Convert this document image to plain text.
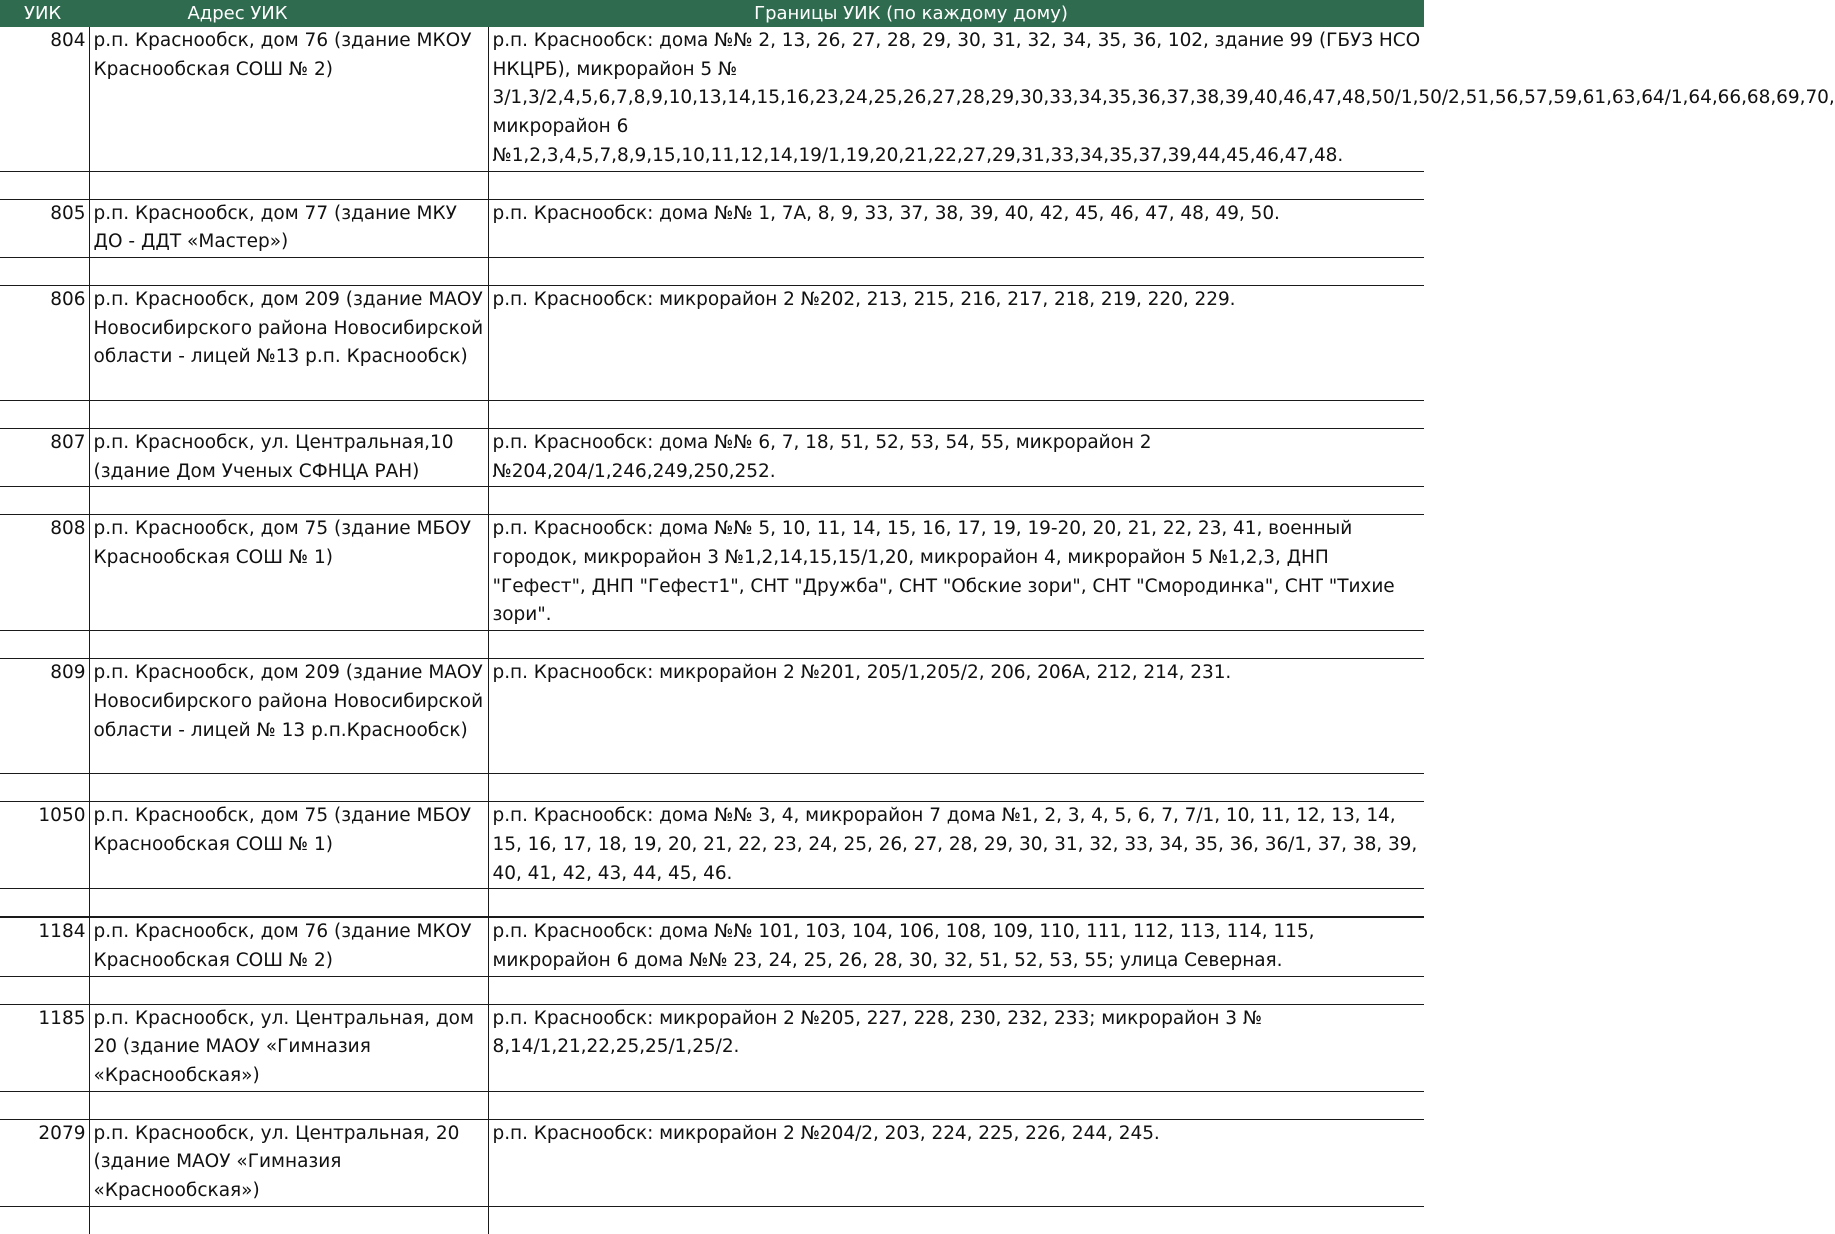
УИК	Адрес УИК	Границы УИК (по каждому дому)
804	р.п. Краснообск, дом 76 (здание МКОУ Краснообская СОШ № 2)	р.п. Краснообск: дома №№ 2, 13, 26, 27, 28, 29, 30, 31, 32, 34, 35, 36, 102, здание 99 (ГБУЗ НСО НКЦРБ), микрорайон 5 № 3/1,3/2,4,5,6,7,8,9,10,13,14,15,16,23,24,25,26,27,28,29,30,33,34,35,36,37,38,39,40,46,47,48,50/1,50/2,51,56,57,59,61,63,64/1,64,66,68,69,70, микрорайон 6 №1,2,3,4,5,7,8,9,15,10,11,12,14,19/1,19,20,21,22,27,29,31,33,34,35,37,39,44,45,46,47,48.

805	р.п. Краснообск, дом 77 (здание МКУ ДО - ДДТ «Мастер»)	р.п. Краснообск: дома №№ 1, 7А, 8, 9, 33, 37, 38, 39, 40, 42, 45, 46, 47, 48, 49, 50.

806	р.п. Краснообск, дом 209 (здание МАОУ Новосибирского района Новосибирской области - лицей №13 р.п. Краснообск)	р.п. Краснообск: микрорайон 2 №202, 213, 215, 216, 217, 218, 219, 220, 229.

807	р.п. Краснообск, ул. Центральная,10 (здание Дом Ученых СФНЦА РАН)	р.п. Краснообск: дома №№ 6, 7, 18, 51, 52, 53, 54, 55, микрорайон 2 №204,204/1,246,249,250,252.

808	р.п. Краснообск, дом 75 (здание МБОУ Краснообская СОШ № 1)	р.п. Краснообск: дома №№ 5, 10, 11, 14, 15, 16, 17, 19, 19-20, 20, 21, 22, 23, 41, военный городок, микрорайон 3 №1,2,14,15,15/1,20, микрорайон 4, микрорайон 5 №1,2,3, ДНП "Гефест", ДНП "Гефест1", СНТ "Дружба", СНТ "Обские зори", СНТ "Смородинка", СНТ "Тихие зори".

809	р.п. Краснообск, дом 209 (здание МАОУ Новосибирского района Новосибирской области - лицей № 13 р.п.Краснообск)	р.п. Краснообск: микрорайон 2 №201, 205/1,205/2, 206, 206А, 212, 214, 231.

1050	р.п. Краснообск, дом 75 (здание МБОУ Краснообская СОШ № 1)	р.п. Краснообск: дома №№ 3, 4, микрорайон 7 дома №1, 2, 3, 4, 5, 6, 7, 7/1, 10, 11, 12, 13, 14, 15, 16, 17, 18, 19, 20, 21, 22, 23, 24, 25, 26, 27, 28, 29, 30, 31, 32, 33, 34, 35, 36, 36/1, 37, 38, 39, 40, 41, 42, 43, 44, 45, 46.

1184	р.п. Краснообск, дом 76 (здание МКОУ Краснообская СОШ № 2)	р.п. Краснообск: дома №№ 101, 103, 104, 106, 108, 109, 110, 111, 112, 113, 114, 115, микрорайон 6 дома №№ 23, 24, 25, 26, 28, 30, 32, 51, 52, 53, 55; улица Северная.

1185	р.п. Краснообск, ул. Центральная, дом 20 (здание МАОУ «Гимназия «Краснообская»)	р.п. Краснообск: микрорайон 2 №205, 227, 228, 230, 232, 233; микрорайон 3 № 8,14/1,21,22,25,25/1,25/2.

2079	р.п. Краснообск, ул. Центральная, 20 (здание МАОУ «Гимназия «Краснообская»)	р.п. Краснообск: микрорайон 2 №204/2, 203, 224, 225, 226, 244, 245.
